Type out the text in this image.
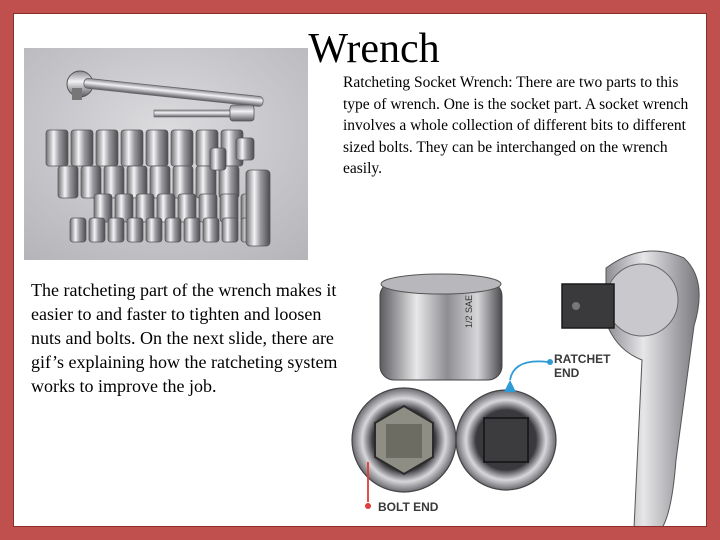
Wrench

Ratcheting Socket Wrench: There are two parts to this type of wrench. One is the socket part. A socket wrench involves a whole collection of different bits to different sized bolts. They can be interchanged on the wrench easily.

The ratcheting part of the wrench makes it easier to and faster to tighten and loosen nuts and bolts. On the next slide, there are gif’s explaining how the ratcheting system works to improve the job.

1/2 SAE
RATCHET
END
BOLT END
